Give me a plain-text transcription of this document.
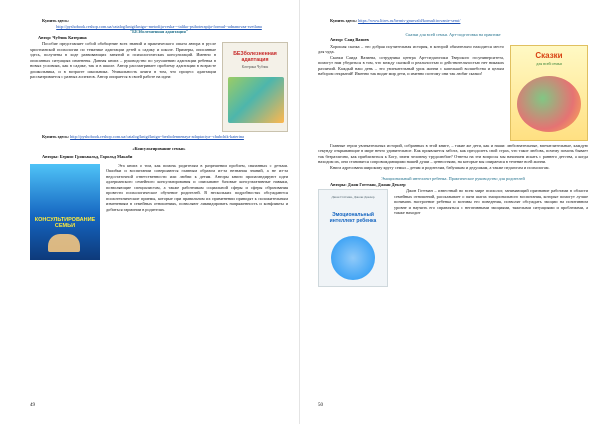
Купить здесь:

http://pyshobook.reshop.com.ua/catalog/knigi/kniga--metodija-reska---taliko-psihoterapija-formul--adnanovaa-svetlana

"БЕЗболезненная адаптация"

Автор: Чубчик Катерина

БЕЗболезненная адаптация
Катерина Чубчик

Пособие представляет собой обобщение всех знаний и практического опыта автора в русле христианской психологии по тематике адаптации детей к садику и школе. Примеры, описанные здесь, получены в ходе развивающих занятий и психологических консультаций. Именно в описанных ситуациях изменены. Данная книга – руководство по улучшению адаптации ребенка в новых условиях, как в садике, так и в школе. Автор рассматривает проблему адаптации в возрасте дошкольника, и в возрасте школьника. Уникальность книги в том, что процесс адаптации рассматривается с разных аспектов. Автор опирается в своей работе на идеи:

Купить здесь: http://pyshobook.reshop.com.ua/catalog/knigi/kniga--bezbolennenaya-adaptaciya--chubchik-katerina

«Консультирование семьи»

Авторы: Бернис Гроньвальд, Гарольд Макаби

КОНСУЛЬТИРОВАНИЕ СЕМЬИ

Эта книга о том, как помочь родителям в разрешении проблем, связанных с детьми. Ошибки и воспитании совершаются главным образом из-за незнания знаний, а не из-за недостаточной ответственности или любви к детям. Авторы книги пропагандируют идеи адлерианского семейного консультирования и описывают базовые консультативные навыки, позволяющие специалистам, а также работникам социальной сферы и сферы образования провести психологическое обучение родителей. В нескольких подробностях обсуждаются психотехнические приемы, которые при правильном их применении приводят к положительным изменениям в семейных отношениях, позволяют ликвидировать напряженность и конфликты и добиться гармонии в родителях.

49

Купить здесь: https://www.litres.ru/bernis-grunvald/konsultirovanie-semi/

Сказки для всей семьи. Арт-подготовка на практике

Автор: Саид Вазиев

Сказки
для всей семьи

Хорошая сказка – это добрая поучительная история, в которой обязательно находится место для чуда.

Сказки Саида Вазиева, сотрудника центра Арт-педагогики Тверского госуниверситета, помогут нам убедиться в том, что между сказкой и реальностью и действительностью нет никаких различий. Каждый наш день – это увлекательный урок жизни с капелькой волшебства и целым набором открытий! Именно так видят мир дети, и именно поэтому они так любят сказки!

Главные герои увлекательных историй, собранных в этой книге, – такие же дети, как и наши: любознательные, впечатлительные, каждую секунду открывающие в мире нечто удивительное. Как проявляется забота, как преодолеть свой страх, что такое любовь, почему помочь бывает так безразлично, как приблизиться к Богу, зачем человеку трудолюбие? Ответы на эти вопросы мы начинаем искать с раннего детства, а когда находим их, они становятся сопровождающими нашей души – ценностями, на которые мы опираемся в течение всей жизни.

Книга адресована широкому кругу семьи – детям и родителям, бабушкам и дедушкам, а также педагогам и психологам.

Эмоциональный интеллект ребенка. Практическое руководство для родителей

Авторы: Джон Готтман, Джоан Деклер

Джон Готтман, Джоан Деклер
Эмоциональный интеллект ребенка

Джон Готтман – известный во всем мире психолог, занимающий признание работами в области семейных отношений, рассказывает о пяти шагах эмоционального воспитания, которые помогут лучше понимать настроение ребенка и мотивы его поведения, позволят обсуждать эмоции на позитивном уровне и научить его справляться с негативными эмоциями, тяжелыми ситуациями и проблемами, а также находит

50
